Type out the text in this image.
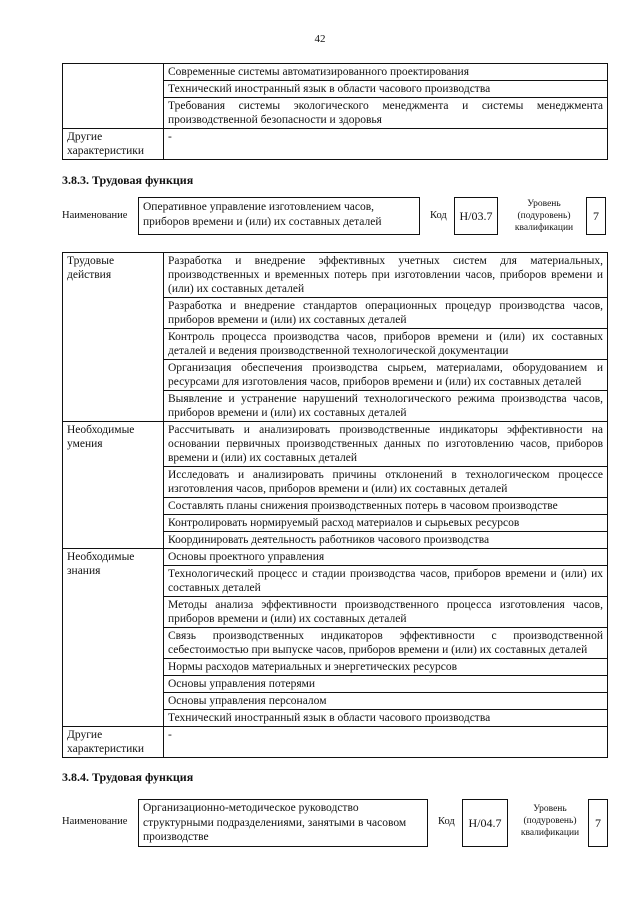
42
	Современные системы автоматизированного проектирования
	Технический иностранный язык в области часового производства
	Требования системы экологического менеджмента и системы менеджмента производственной безопасности и здоровья
Другие характеристики	-
3.8.3. Трудовая функция
Наименование
Оперативное управление изготовлением часов, приборов времени и (или) их составных деталей
Код	H/03.7
Уровень (подуровень) квалификации
7
Трудовые действия	Разработка и внедрение эффективных учетных систем для материальных, производственных и временных потерь при изготовлении часов, приборов времени и (или) их составных деталей
	Разработка и внедрение стандартов операционных процедур производства часов, приборов времени и (или) их составных деталей
	Контроль процесса производства часов, приборов времени и (или) их составных деталей и ведения производственной технологической документации
	Организация обеспечения производства сырьем, материалами, оборудованием и ресурсами для изготовления часов, приборов времени и (или) их составных деталей
	Выявление и устранение нарушений технологического режима производства часов, приборов времени и (или) их составных деталей
Необходимые умения	Рассчитывать и анализировать производственные индикаторы эффективности на основании первичных производственных данных по изготовлению часов, приборов времени и (или) их составных деталей
	Исследовать и анализировать причины отклонений в технологическом процессе изготовления часов, приборов времени и (или) их составных деталей
	Составлять планы снижения производственных потерь в часовом производстве
	Контролировать нормируемый расход материалов и сырьевых ресурсов
	Координировать деятельность работников часового производства
Необходимые знания	Основы проектного управления
	Технологический процесс и стадии производства часов, приборов времени и (или) их составных деталей
	Методы анализа эффективности производственного процесса изготовления часов, приборов времени и (или) их составных деталей
	Связь производственных индикаторов эффективности с производственной себестоимостью при выпуске часов, приборов времени и (или) их составных деталей
	Нормы расходов материальных и энергетических ресурсов
	Основы управления потерями
	Основы управления персоналом
	Технический иностранный язык в области часового производства
Другие характеристики	-
3.8.4. Трудовая функция
Наименование
Организационно-методическое руководство структурными подразделениями, занятыми в часовом производстве
Код	H/04.7
Уровень (подуровень) квалификации
7
